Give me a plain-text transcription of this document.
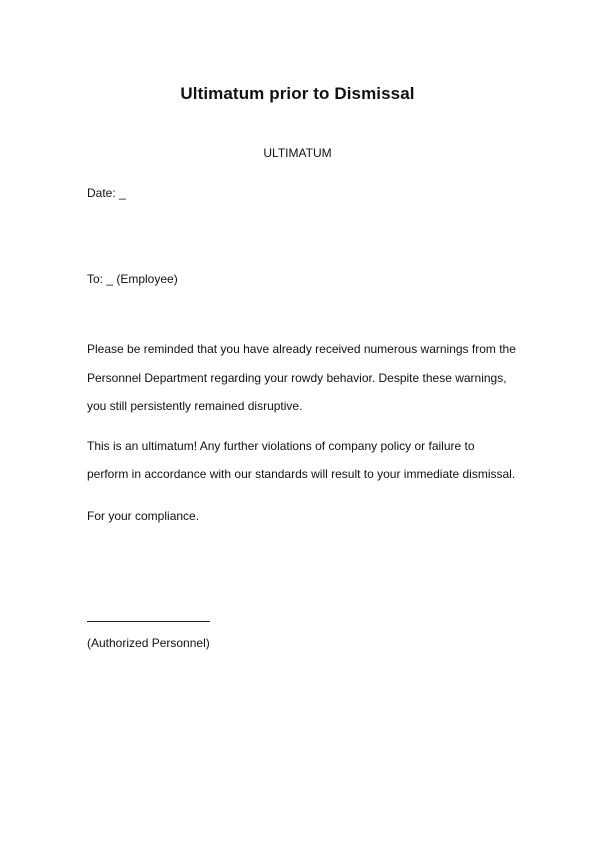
Ultimatum prior to Dismissal
ULTIMATUM
Date: _
To: _ (Employee)
Please be reminded that you have already received numerous warnings from the
Personnel Department regarding your rowdy behavior. Despite these warnings,
you still persistently remained disruptive.
This is an ultimatum! Any further violations of company policy or failure to
perform in accordance with our standards will result to your immediate dismissal.
For your compliance.
(Authorized Personnel)
